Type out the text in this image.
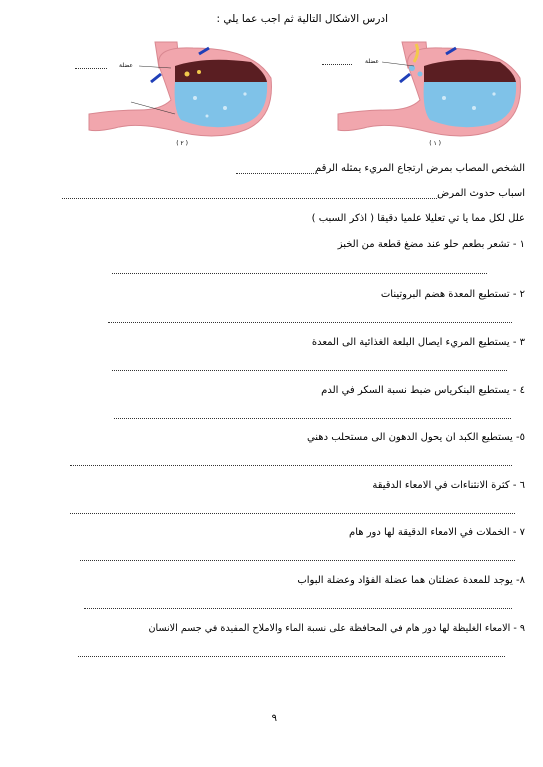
ادرس الاشكال التالية ثم اجب عما يلي :
عضلة
( ٢ )
عضلة
( ١ )
الشخص المصاب بمرض ارتجاع المريء يمثله الرقم
اسباب حدوث المرض
علل لكل مما يا تي تعليلا علميا دقيقا ( اذكر السبب )
١ - تشعر بطعم حلو عند مضغ قطعة من الخبز
٢ - تستطيع المعدة هضم البروتينات
٣ - يستطيع المريء ايصال البلعة الغذائية الى المعدة
٤ - يستطيع البنكرياس ضبط نسبة السكر في الدم
٥- يستطيع الكبد ان يحول الدهون الى مستحلب دهني
٦ - كثرة الانثناءات في الامعاء الدقيقة
٧ - الخملات في الامعاء الدقيقة لها دور هام
٨- يوجد للمعدة عضلتان هما عضلة الفؤاد وعضلة البواب
٩ - الامعاء الغليظة لها دور هام في المحافظة على نسبة الماء والاملاح المفيدة في جسم الانسان
٩
